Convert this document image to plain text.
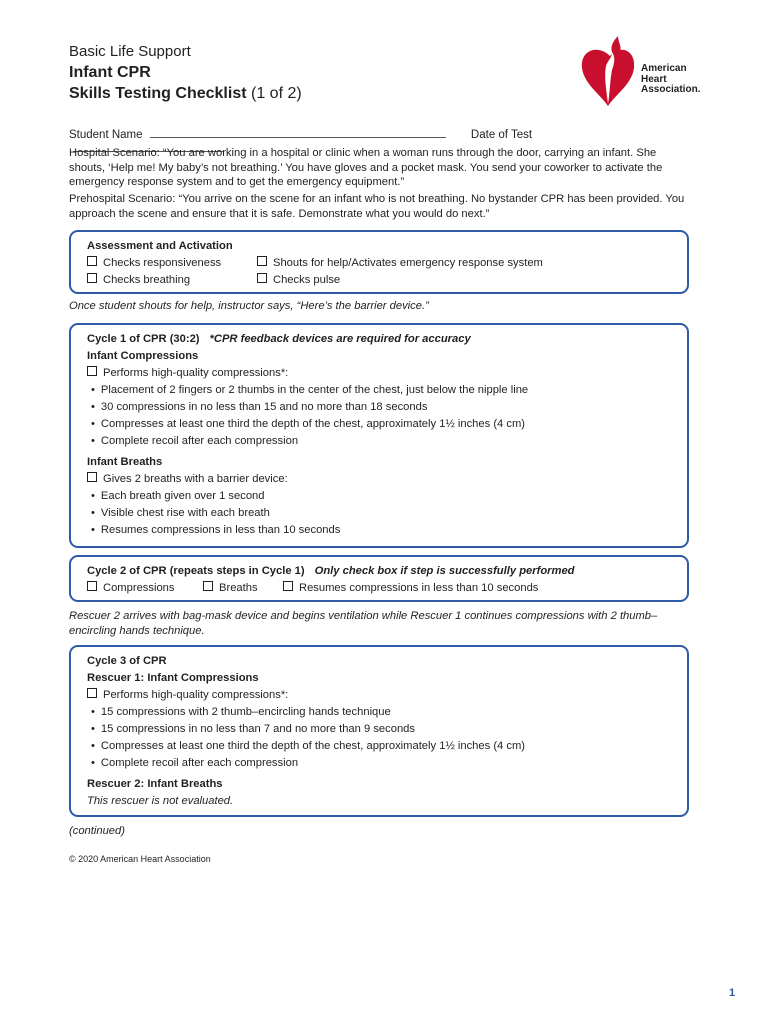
Basic Life Support
Infant CPR
Skills Testing Checklist (1 of 2)
American
Heart
Association.
Student Name	Date of Test
Hospital Scenario: “You are working in a hospital or clinic when a woman runs through the door, carrying an infant. She shouts, ‘Help me! My baby’s not breathing.’ You have gloves and a pocket mask. You send your coworker to activate the emergency response system and to get the emergency equipment.”
Prehospital Scenario: “You arrive on the scene for an infant who is not breathing. No bystander CPR has been provided. You approach the scene and ensure that it is safe. Demonstrate what you would do next.”
Assessment and Activation
Checks responsiveness	Shouts for help/Activates emergency response system
Checks breathing	Checks pulse
Once student shouts for help, instructor says, “Here’s the barrier device.”
Cycle 1 of CPR (30:2) *CPR feedback devices are required for accuracy
Infant Compressions
Performs high-quality compressions*:
• Placement of 2 fingers or 2 thumbs in the center of the chest, just below the nipple line
• 30 compressions in no less than 15 and no more than 18 seconds
• Compresses at least one third the depth of the chest, approximately 1½ inches (4 cm)
• Complete recoil after each compression
Infant Breaths
Gives 2 breaths with a barrier device:
• Each breath given over 1 second
• Visible chest rise with each breath
• Resumes compressions in less than 10 seconds
Cycle 2 of CPR (repeats steps in Cycle 1) Only check box if step is successfully performed
Compressions	Breaths	Resumes compressions in less than 10 seconds
Rescuer 2 arrives with bag-mask device and begins ventilation while Rescuer 1 continues compressions with 2 thumb–encircling hands technique.
Cycle 3 of CPR
Rescuer 1: Infant Compressions
Performs high-quality compressions*:
• 15 compressions with 2 thumb–encircling hands technique
• 15 compressions in no less than 7 and no more than 9 seconds
• Compresses at least one third the depth of the chest, approximately 1½ inches (4 cm)
• Complete recoil after each compression
Rescuer 2: Infant Breaths
This rescuer is not evaluated.
(continued)
© 2020 American Heart Association
1
